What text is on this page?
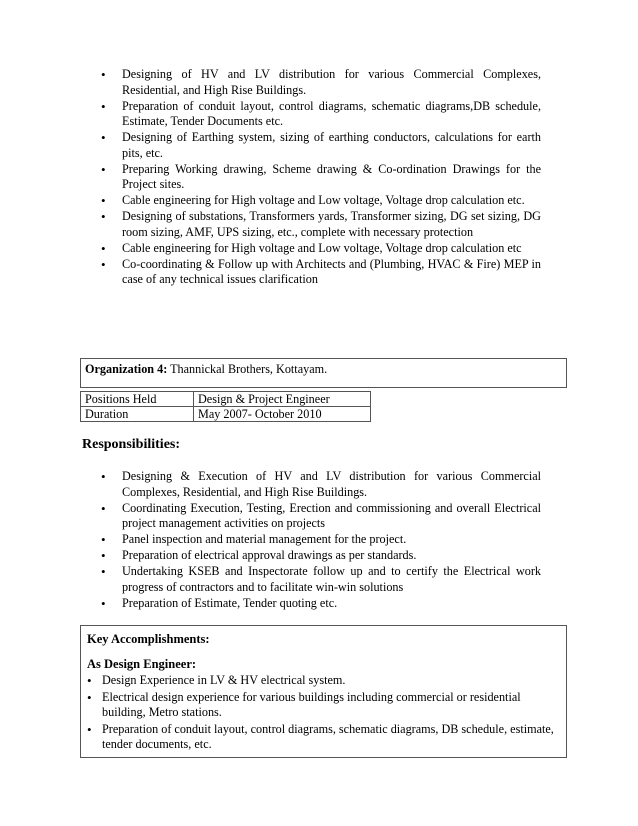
• Designing of HV and LV distribution for various Commercial Complexes, Residential, and High Rise Buildings.
• Preparation of conduit layout, control diagrams, schematic diagrams,DB schedule, Estimate, Tender Documents etc.
• Designing of Earthing system, sizing of earthing conductors, calculations for earth pits, etc.
• Preparing Working drawing, Scheme drawing & Co-ordination Drawings for the Project sites.
• Cable engineering for High voltage and Low voltage, Voltage drop calculation etc.
• Designing of substations, Transformers yards, Transformer sizing, DG set sizing, DG room sizing, AMF, UPS sizing, etc., complete with necessary protection
• Cable engineering for High voltage and Low voltage, Voltage drop calculation etc
• Co-coordinating & Follow up with Architects and (Plumbing, HVAC & Fire) MEP in case of any technical issues clarification
Organization 4: Thannickal Brothers, Kottayam.
Positions Held	Design & Project Engineer
Duration	May 2007- October 2010
Responsibilities:
• Designing & Execution of HV and LV distribution for various Commercial Complexes, Residential, and High Rise Buildings.
• Coordinating Execution, Testing, Erection and commissioning and overall Electrical project management activities on projects
• Panel inspection and material management for the project.
• Preparation of electrical approval drawings as per standards.
• Undertaking KSEB and Inspectorate follow up and to certify the Electrical work progress of contractors and to facilitate win-win solutions
• Preparation of Estimate, Tender quoting etc.

Key Accomplishments:

As Design Engineer:

• Design Experience in LV & HV electrical system.
• Electrical design experience for various buildings including commercial or residential building, Metro stations.
• Preparation of conduit layout, control diagrams, schematic diagrams, DB schedule, estimate, tender documents, etc.
